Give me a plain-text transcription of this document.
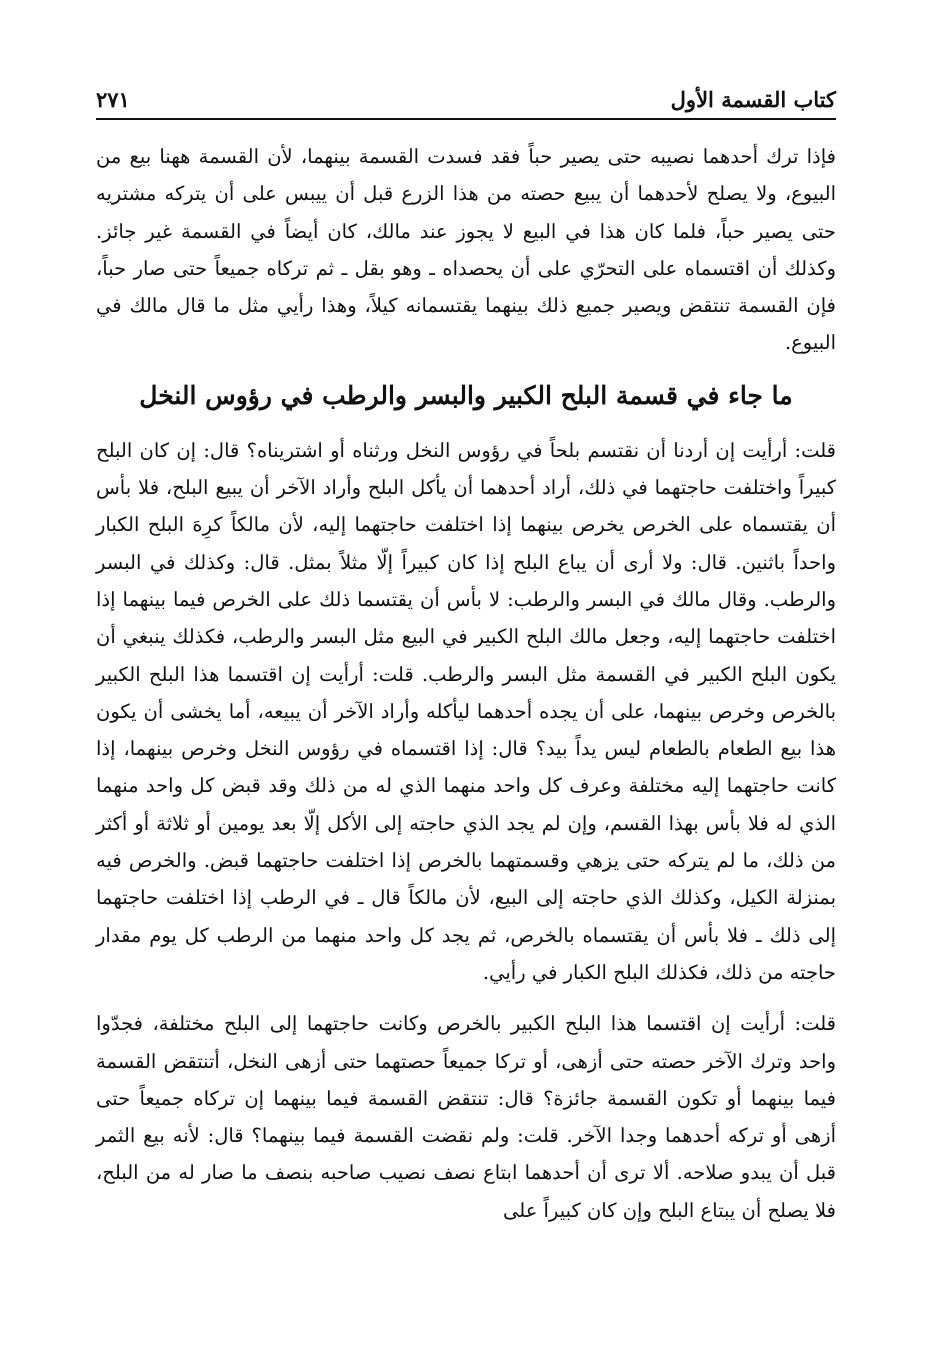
كتاب القسمة الأول
٢٧١

فإذا ترك أحدهما نصيبه حتى يصير حباً فقد فسدت القسمة بينهما، لأن القسمة ههنا بيع من البيوع، ولا يصلح لأحدهما أن يبيع حصته من هذا الزرع قبل أن ييبس على أن يتركه مشتريه حتى يصير حباً، فلما كان هذا في البيع لا يجوز عند مالك، كان أيضاً في القسمة غير جائز. وكذلك أن اقتسماه على التحرّي على أن يحصداه ـ وهو بقل ـ ثم تركاه جميعاً حتى صار حباً، فإن القسمة تنتقض ويصير جميع ذلك بينهما يقتسمانه كيلاً، وهذا رأيي مثل ما قال مالك في البيوع.

ما جاء في قسمة البلح الكبير والبسر والرطب في رؤوس النخل

قلت: أرأيت إن أردنا أن نقتسم بلحاً في رؤوس النخل ورثناه أو اشتريناه؟ قال: إن كان البلح كبيراً واختلفت حاجتهما في ذلك، أراد أحدهما أن يأكل البلح وأراد الآخر أن يبيع البلح، فلا بأس أن يقتسماه على الخرص يخرص بينهما إذا اختلفت حاجتهما إليه، لأن مالكاً كرِهَ البلح الكبار واحداً باثنين. قال: ولا أرى أن يباع البلح إذا كان كبيراً إلّا مثلاً بمثل. قال: وكذلك في البسر والرطب. وقال مالك في البسر والرطب: لا بأس أن يقتسما ذلك على الخرص فيما بينهما إذا اختلفت حاجتهما إليه، وجعل مالك البلح الكبير في البيع مثل البسر والرطب، فكذلك ينبغي أن يكون البلح الكبير في القسمة مثل البسر والرطب. قلت: أرأيت إن اقتسما هذا البلح الكبير بالخرص وخرص بينهما، على أن يجده أحدهما ليأكله وأراد الآخر أن يبيعه، أما يخشى أن يكون هذا بيع الطعام بالطعام ليس يداً بيد؟ قال: إذا اقتسماه في رؤوس النخل وخرص بينهما، إذا كانت حاجتهما إليه مختلفة وعرف كل واحد منهما الذي له من ذلك وقد قبض كل واحد منهما الذي له فلا بأس بهذا القسم، وإن لم يجد الذي حاجته إلى الأكل إلّا بعد يومين أو ثلاثة أو أكثر من ذلك، ما لم يتركه حتى يزهي وقسمتهما بالخرص إذا اختلفت حاجتهما قبض. والخرص فيه بمنزلة الكيل، وكذلك الذي حاجته إلى البيع، لأن مالكاً قال ـ في الرطب إذا اختلفت حاجتهما إلى ذلك ـ فلا بأس أن يقتسماه بالخرص، ثم يجد كل واحد منهما من الرطب كل يوم مقدار حاجته من ذلك، فكذلك البلح الكبار في رأيي.

قلت: أرأيت إن اقتسما هذا البلح الكبير بالخرص وكانت حاجتهما إلى البلح مختلفة، فجدّوا واحد وترك الآخر حصته حتى أزهى، أو تركا جميعاً حصتهما حتى أزهى النخل، أتنتقض القسمة فيما بينهما أو تكون القسمة جائزة؟ قال: تنتقض القسمة فيما بينهما إن تركاه جميعاً حتى أزهى أو تركه أحدهما وجدا الآخر. قلت: ولم نقضت القسمة فيما بينهما؟ قال: لأنه بيع الثمر قبل أن يبدو صلاحه. ألا ترى أن أحدهما ابتاع نصف نصيب صاحبه بنصف ما صار له من البلح، فلا يصلح أن يبتاع البلح وإن كان كبيراً على
